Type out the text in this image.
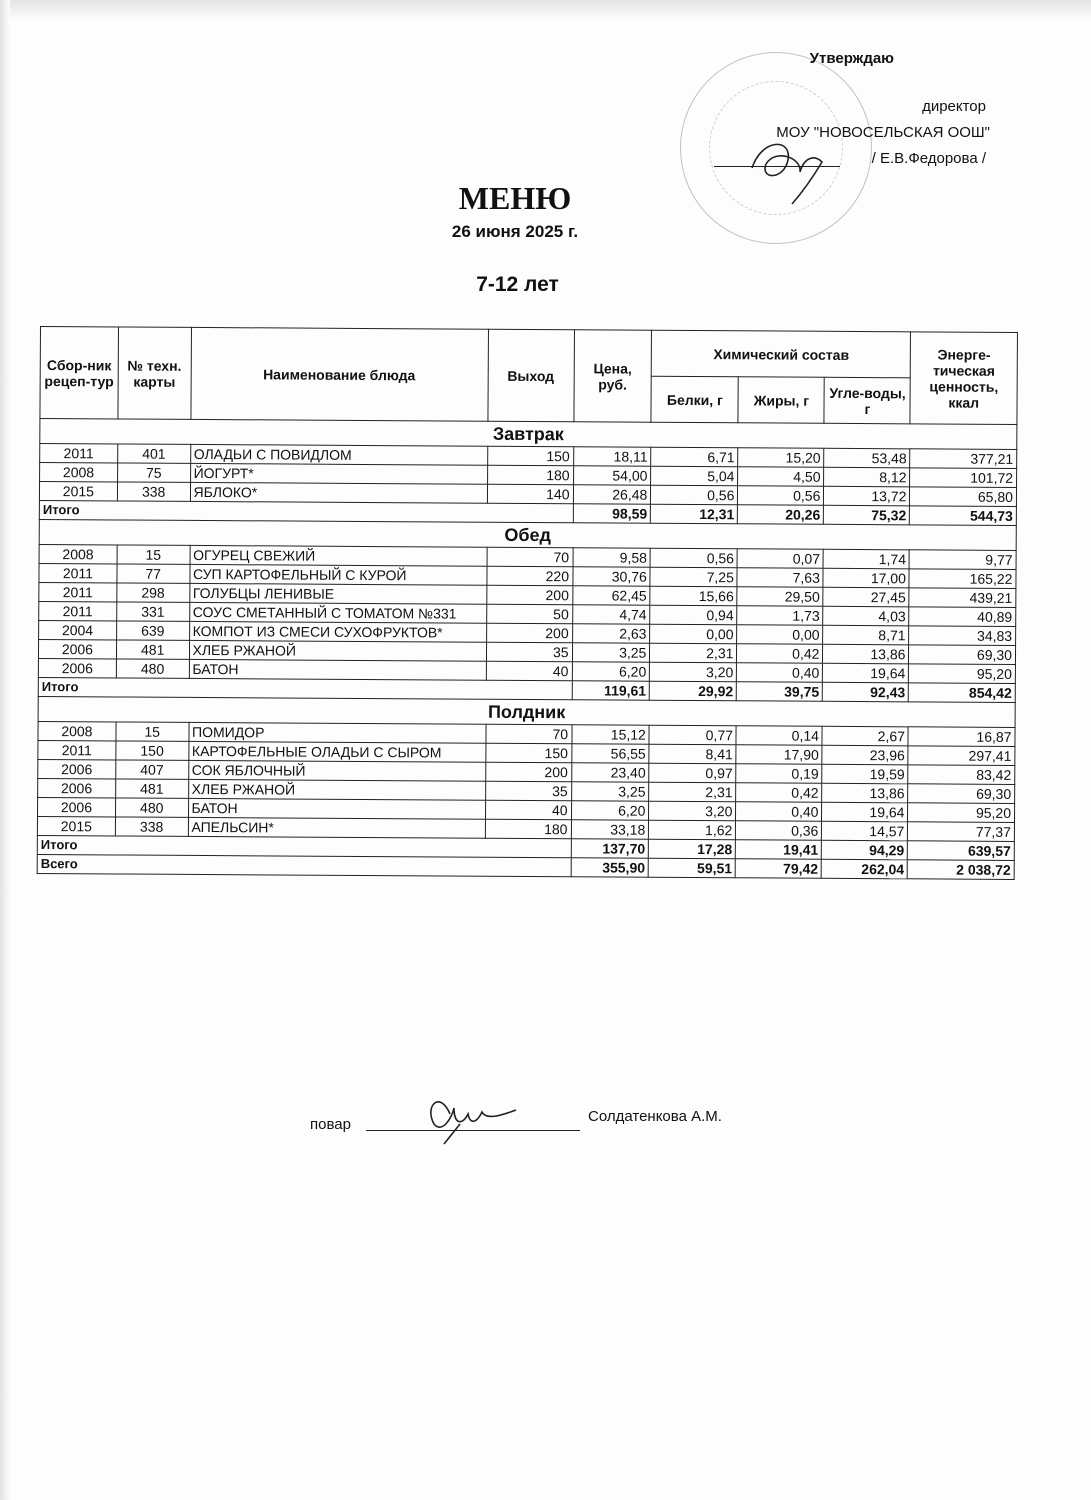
Утверждаю
директор
МОУ "НОВОСЕЛЬСКАЯ ООШ"
/ Е.В.Федорова /
МЕНЮ
26 июня 2025 г.
7-12 лет
Сбор-ник рецеп-тур	№ техн. карты	Наименование блюда	Выход	Цена, руб.	Химический состав			Энерге-тическая ценность, ккал
					Белки, г	Жиры, г	Угле-воды, г	
Завтрак								
2011	401	ОЛАДЬИ С ПОВИДЛОМ	150	18,11	6,71	15,20	53,48	377,21
2008	75	ЙОГУРТ*	180	54,00	5,04	4,50	8,12	101,72
2015	338	ЯБЛОКО*	140	26,48	0,56	0,56	13,72	65,80
Итого				98,59	12,31	20,26	75,32	544,73
Обед								
2008	15	ОГУРЕЦ СВЕЖИЙ	70	9,58	0,56	0,07	1,74	9,77
2011	77	СУП КАРТОФЕЛЬНЫЙ С КУРОЙ	220	30,76	7,25	7,63	17,00	165,22
2011	298	ГОЛУБЦЫ ЛЕНИВЫЕ	200	62,45	15,66	29,50	27,45	439,21
2011	331	СОУС СМЕТАННЫЙ С ТОМАТОМ №331	50	4,74	0,94	1,73	4,03	40,89
2004	639	КОМПОТ ИЗ СМЕСИ СУХОФРУКТОВ*	200	2,63	0,00	0,00	8,71	34,83
2006	481	ХЛЕБ РЖАНОЙ	35	3,25	2,31	0,42	13,86	69,30
2006	480	БАТОН	40	6,20	3,20	0,40	19,64	95,20
Итого				119,61	29,92	39,75	92,43	854,42
Полдник								
2008	15	ПОМИДОР	70	15,12	0,77	0,14	2,67	16,87
2011	150	КАРТОФЕЛЬНЫЕ ОЛАДЬИ С СЫРОМ	150	56,55	8,41	17,90	23,96	297,41
2006	407	СОК ЯБЛОЧНЫЙ	200	23,40	0,97	0,19	19,59	83,42
2006	481	ХЛЕБ РЖАНОЙ	35	3,25	2,31	0,42	13,86	69,30
2006	480	БАТОН	40	6,20	3,20	0,40	19,64	95,20
2015	338	АПЕЛЬСИН*	180	33,18	1,62	0,36	14,57	77,37
Итого				137,70	17,28	19,41	94,29	639,57
Всего				355,90	59,51	79,42	262,04	2 038,72
повар	Солдатенкова А.М.
